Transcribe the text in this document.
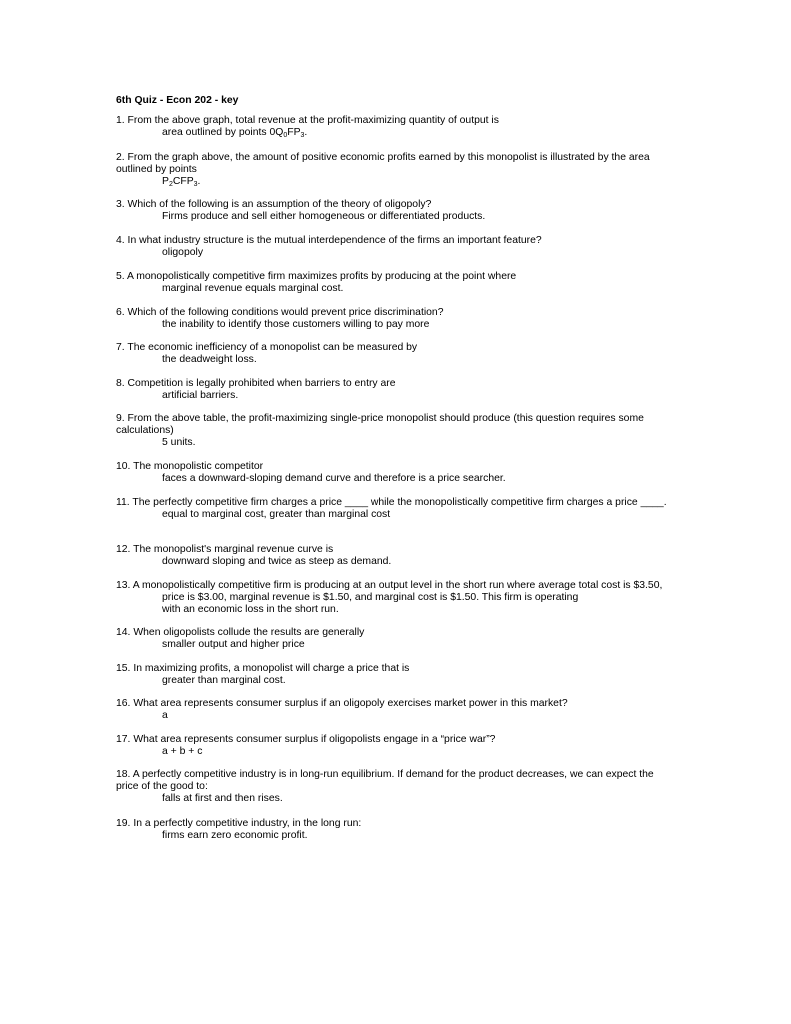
6th Quiz - Econ 202 - key
1. From the above graph, total revenue at the profit-maximizing quantity of output is
area outlined by points $0Q_0FP_3$.
2. From the graph above, the amount of positive economic profits earned by this monopolist is illustrated by the area outlined by points
$P_2CFP_3$.
3. Which of the following is an assumption of the theory of oligopoly?
Firms produce and sell either homogeneous or differentiated products.
4. In what industry structure is the mutual interdependence of the firms an important feature?
oligopoly
5. A monopolistically competitive firm maximizes profits by producing at the point where
marginal revenue equals marginal cost.
6. Which of the following conditions would prevent price discrimination?
the inability to identify those customers willing to pay more
7. The economic inefficiency of a monopolist can be measured by
the deadweight loss.
8. Competition is legally prohibited when barriers to entry are
artificial barriers.
9. From the above table, the profit-maximizing single-price monopolist should produce (this question requires some calculations)
5 units.
10. The monopolistic competitor
faces a downward-sloping demand curve and therefore is a price searcher.
11. The perfectly competitive firm charges a price ____ while the monopolistically competitive firm charges a price ____.
equal to marginal cost, greater than marginal cost
12. The monopolist's marginal revenue curve is
downward sloping and twice as steep as demand.
13. A monopolistically competitive firm is producing at an output level in the short run where average total cost is $3.50,
price is $3.00, marginal revenue is $1.50, and marginal cost is $1.50. This firm is operating
with an economic loss in the short run.
14. When oligopolists collude the results are generally
smaller output and higher price
15. In maximizing profits, a monopolist will charge a price that is
greater than marginal cost.
16. What area represents consumer surplus if an oligopoly exercises market power in this market?
a
17. What area represents consumer surplus if oligopolists engage in a “price war”?
a + b + c
18. A perfectly competitive industry is in long-run equilibrium. If demand for the product decreases, we can expect the price of the good to:
falls at first and then rises.
19. In a perfectly competitive industry, in the long run:
firms earn zero economic profit.
